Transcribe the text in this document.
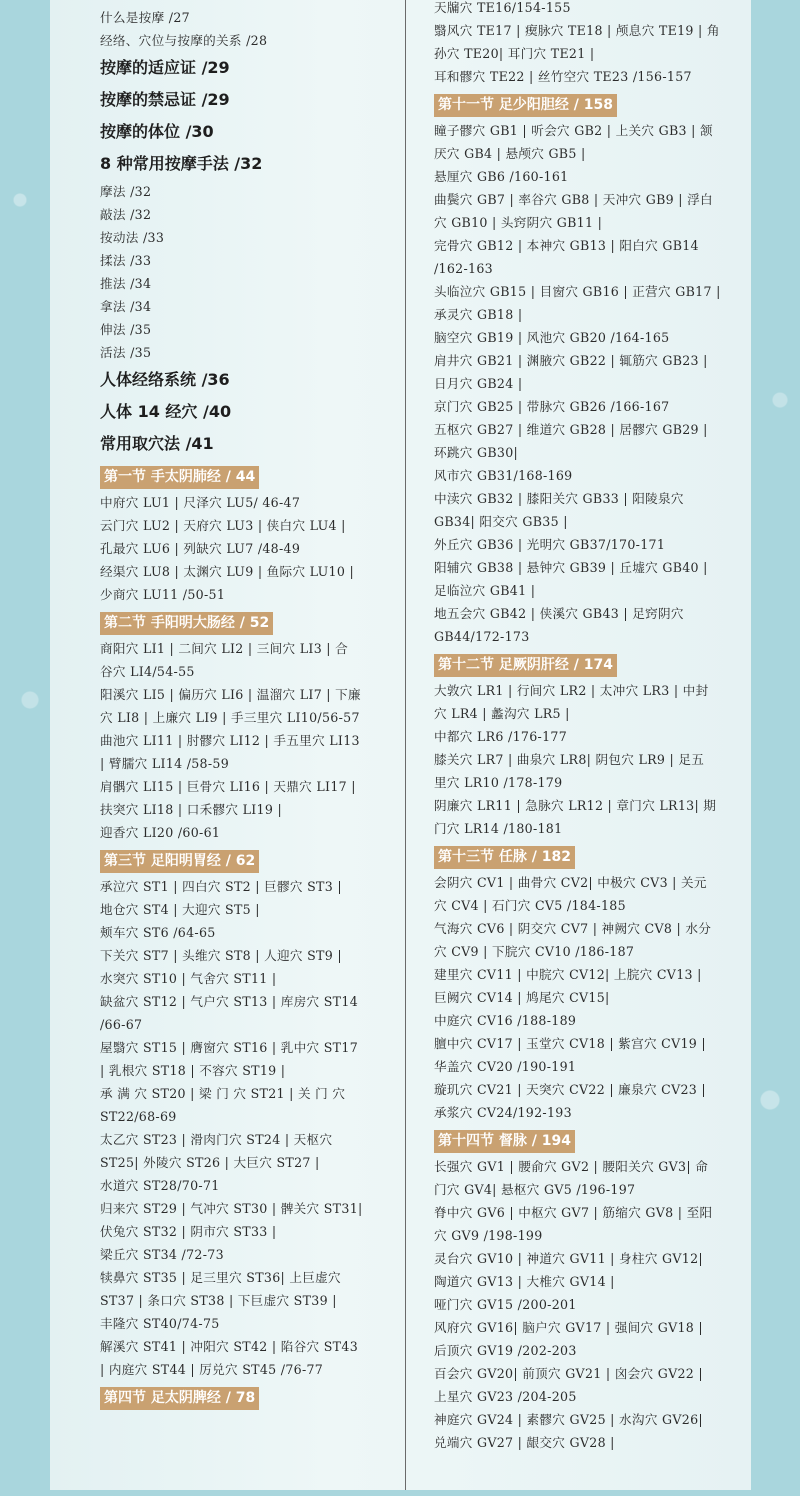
什么是按摩 /27
经络、穴位与按摩的关系 /28
按摩的适应证 /29
按摩的禁忌证 /29
按摩的体位 /30
8 种常用按摩手法 /32
摩法 /32
敲法 /32
按动法 /33
揉法 /33
推法 /34
拿法 /34
伸法 /35
活法 /35
人体经络系统 /36
人体 14 经穴 /40
常用取穴法 /41
第一节 手太阴肺经 / 44
中府穴 LU1 | 尺泽穴 LU5/ 46-47
云门穴 LU2 | 天府穴 LU3 | 侠白穴 LU4 |
孔最穴 LU6 | 列缺穴 LU7 /48-49
经渠穴 LU8 | 太渊穴 LU9 | 鱼际穴 LU10 |
少商穴 LU11 /50-51
第二节 手阳明大肠经 / 52
商阳穴 LI1 | 二间穴 LI2 | 三间穴 LI3 | 合
谷穴 LI4/54-55
阳溪穴 LI5 | 偏历穴 LI6 | 温溜穴 LI7 | 下廉
穴 LI8 | 上廉穴 LI9 | 手三里穴 LI10/56-57
曲池穴 LI11 | 肘髎穴 LI12 | 手五里穴 LI13
| 臂臑穴 LI14 /58-59
肩髃穴 LI15 | 巨骨穴 LI16 | 天鼎穴 LI17 |
扶突穴 LI18 | 口禾髎穴 LI19 |
迎香穴 LI20 /60-61
第三节 足阳明胃经 / 62
承泣穴 ST1 | 四白穴 ST2 | 巨髎穴 ST3 |
地仓穴 ST4 | 大迎穴 ST5 |
颊车穴 ST6 /64-65
下关穴 ST7 | 头维穴 ST8 | 人迎穴 ST9 |
水突穴 ST10 | 气舍穴 ST11 |
缺盆穴 ST12 | 气户穴 ST13 | 库房穴 ST14
/66-67
屋翳穴 ST15 | 膺窗穴 ST16 | 乳中穴 ST17
| 乳根穴 ST18 | 不容穴 ST19 |
承 满 穴 ST20 | 梁 门 穴 ST21 | 关 门 穴
ST22/68-69
太乙穴 ST23 | 滑肉门穴 ST24 | 天枢穴
ST25| 外陵穴 ST26 | 大巨穴 ST27 |
水道穴 ST28/70-71
归来穴 ST29 | 气冲穴 ST30 | 髀关穴 ST31|
伏兔穴 ST32 | 阴市穴 ST33 |
梁丘穴 ST34 /72-73
犊鼻穴 ST35 | 足三里穴 ST36| 上巨虚穴
ST37 | 条口穴 ST38 | 下巨虚穴 ST39 |
丰隆穴 ST40/74-75
解溪穴 ST41 | 冲阳穴 ST42 | 陷谷穴 ST43
| 内庭穴 ST44 | 厉兑穴 ST45 /76-77
第四节 足太阴脾经 / 78
天牖穴 TE16/154-155
翳风穴 TE17 | 瘈脉穴 TE18 | 颅息穴 TE19 | 角
孙穴 TE20| 耳门穴 TE21 |
耳和髎穴 TE22 | 丝竹空穴 TE23 /156-157
第十一节 足少阳胆经 / 158
瞳子髎穴 GB1 | 听会穴 GB2 | 上关穴 GB3 | 颔
厌穴 GB4 | 悬颅穴 GB5 |
悬厘穴 GB6 /160-161
曲鬓穴 GB7 | 率谷穴 GB8 | 天冲穴 GB9 | 浮白
穴 GB10 | 头窍阴穴 GB11 |
完骨穴 GB12 | 本神穴 GB13 | 阳白穴 GB14
/162-163
头临泣穴 GB15 | 目窗穴 GB16 | 正营穴 GB17 |
承灵穴 GB18 |
脑空穴 GB19 | 风池穴 GB20 /164-165
肩井穴 GB21 | 渊腋穴 GB22 | 辄筋穴 GB23 |
日月穴 GB24 |
京门穴 GB25 | 带脉穴 GB26 /166-167
五枢穴 GB27 | 维道穴 GB28 | 居髎穴 GB29 |
环跳穴 GB30|
风市穴 GB31/168-169
中渎穴 GB32 | 膝阳关穴 GB33 | 阳陵泉穴
GB34| 阳交穴 GB35 |
外丘穴 GB36 | 光明穴 GB37/170-171
阳辅穴 GB38 | 悬钟穴 GB39 | 丘墟穴 GB40 |
足临泣穴 GB41 |
地五会穴 GB42 | 侠溪穴 GB43 | 足窍阴穴
GB44/172-173
第十二节 足厥阴肝经 / 174
大敦穴 LR1 | 行间穴 LR2 | 太冲穴 LR3 | 中封
穴 LR4 | 蠡沟穴 LR5 |
中都穴 LR6 /176-177
膝关穴 LR7 | 曲泉穴 LR8| 阴包穴 LR9 | 足五
里穴 LR10 /178-179
阴廉穴 LR11 | 急脉穴 LR12 | 章门穴 LR13| 期
门穴 LR14 /180-181
第十三节 任脉 / 182
会阴穴 CV1 | 曲骨穴 CV2| 中极穴 CV3 | 关元
穴 CV4 | 石门穴 CV5 /184-185
气海穴 CV6 | 阴交穴 CV7 | 神阙穴 CV8 | 水分
穴 CV9 | 下脘穴 CV10 /186-187
建里穴 CV11 | 中脘穴 CV12| 上脘穴 CV13 |
巨阙穴 CV14 | 鸠尾穴 CV15|
中庭穴 CV16 /188-189
膻中穴 CV17 | 玉堂穴 CV18 | 紫宫穴 CV19 |
华盖穴 CV20 /190-191
璇玑穴 CV21 | 天突穴 CV22 | 廉泉穴 CV23 |
承浆穴 CV24/192-193
第十四节 督脉 / 194
长强穴 GV1 | 腰俞穴 GV2 | 腰阳关穴 GV3| 命
门穴 GV4| 悬枢穴 GV5 /196-197
脊中穴 GV6 | 中枢穴 GV7 | 筋缩穴 GV8 | 至阳
穴 GV9 /198-199
灵台穴 GV10 | 神道穴 GV11 | 身柱穴 GV12|
陶道穴 GV13 | 大椎穴 GV14 |
哑门穴 GV15 /200-201
风府穴 GV16| 脑户穴 GV17 | 强间穴 GV18 |
后顶穴 GV19 /202-203
百会穴 GV20| 前顶穴 GV21 | 囟会穴 GV22 |
上星穴 GV23 /204-205
神庭穴 GV24 | 素髎穴 GV25 | 水沟穴 GV26|
兑端穴 GV27 | 龈交穴 GV28 |
